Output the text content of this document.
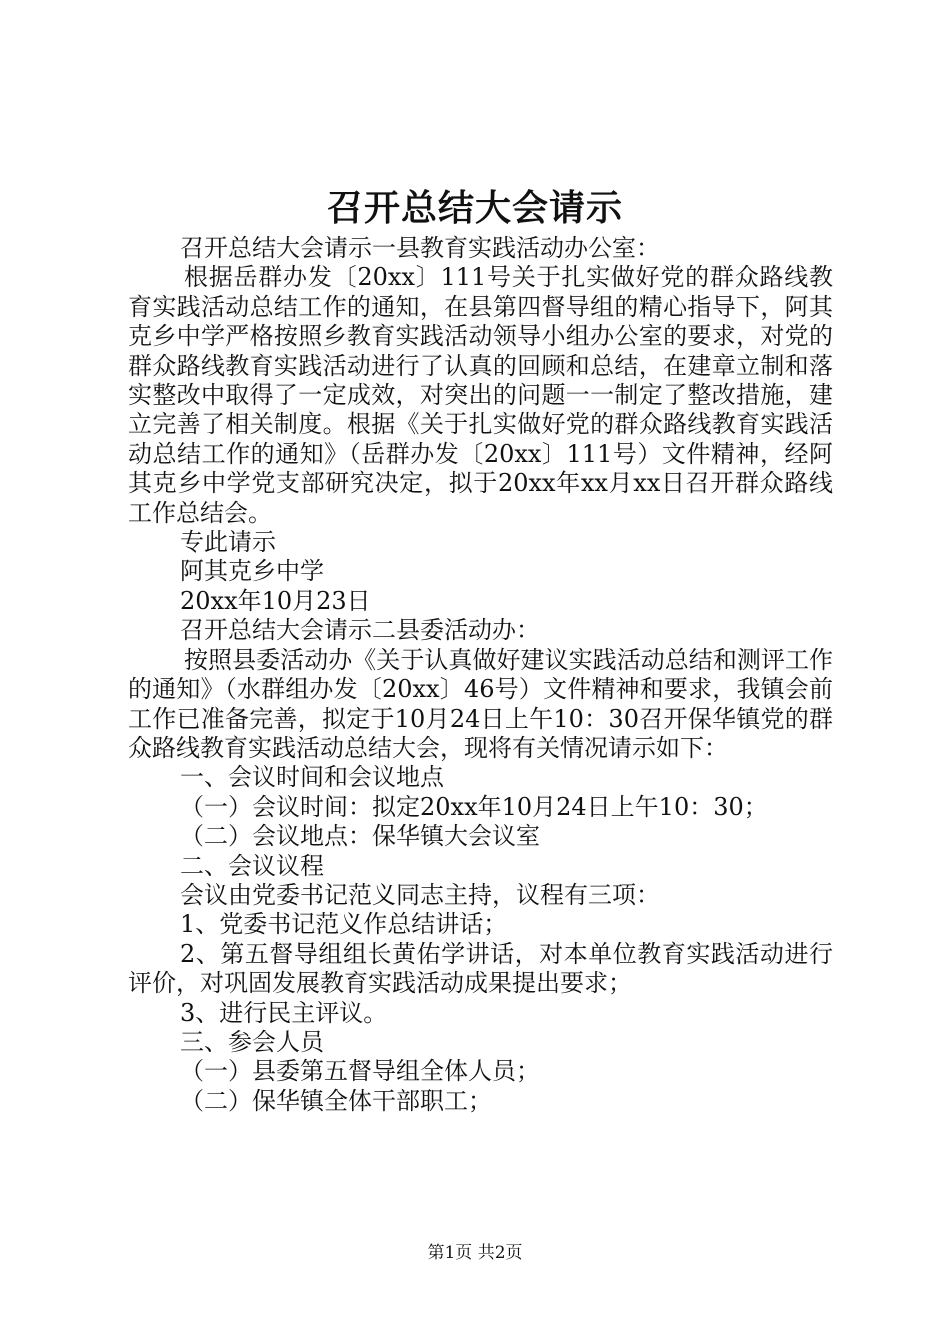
召开总结大会请示

召开总结大会请示一县教育实践活动办公室：

根据岳群办发〔20xx〕111号关于扎实做好党的群众路线教育实践活动总结工作的通知，在县第四督导组的精心指导下，阿其克乡中学严格按照乡教育实践活动领导小组办公室的要求，对党的群众路线教育实践活动进行了认真的回顾和总结，在建章立制和落实整改中取得了一定成效，对突出的问题一一制定了整改措施，建立完善了相关制度。根据《关于扎实做好党的群众路线教育实践活动总结工作的通知》（岳群办发〔20xx〕111号）文件精神，经阿其克乡中学党支部研究决定，拟于20xx年xx月xx日召开群众路线工作总结会。

专此请示

阿其克乡中学

20xx年10月23日

召开总结大会请示二县委活动办：

按照县委活动办《关于认真做好建议实践活动总结和测评工作的通知》（水群组办发〔20xx〕46号）文件精神和要求，我镇会前工作已准备完善，拟定于10月24日上午10：30召开保华镇党的群众路线教育实践活动总结大会，现将有关情况请示如下：

一、会议时间和会议地点

（一）会议时间：拟定20xx年10月24日上午10：30；

（二）会议地点：保华镇大会议室

二、会议议程

会议由党委书记范义同志主持，议程有三项：

1、党委书记范义作总结讲话；

2、第五督导组组长黄佑学讲话，对本单位教育实践活动进行评价，对巩固发展教育实践活动成果提出要求；

3、进行民主评议。

三、参会人员

（一）县委第五督导组全体人员；

（二）保华镇全体干部职工；

第1页 共2页
